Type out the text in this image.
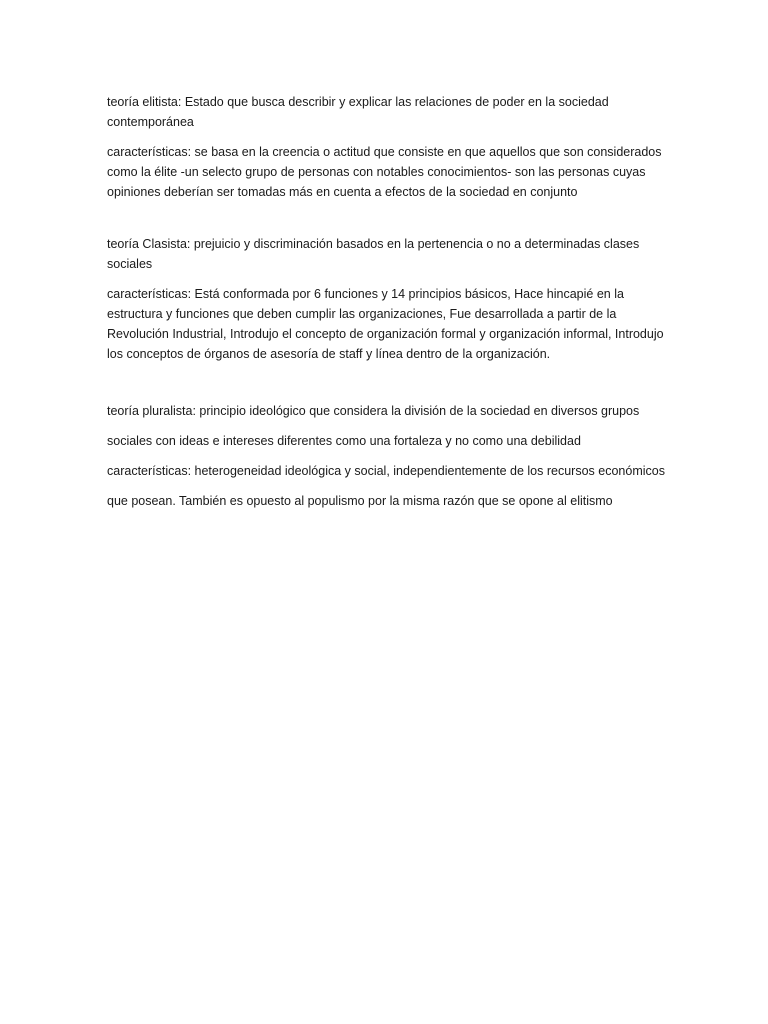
teoría elitista: Estado que busca describir y explicar las relaciones de poder en la sociedad contemporánea

características: se basa en la creencia o actitud que consiste en que aquellos que son considerados como la élite -un selecto grupo de personas con notables conocimientos- son las personas cuyas opiniones deberían ser tomadas más en cuenta a efectos de la sociedad en conjunto

teoría Clasista: prejuicio y discriminación basados en la pertenencia o no a determinadas clases sociales

características: Está conformada por 6 funciones y 14 principios básicos, Hace hincapié en la estructura y funciones que deben cumplir las organizaciones, Fue desarrollada a partir de la Revolución Industrial, Introdujo el concepto de organización formal y organización informal, Introdujo los conceptos de órganos de asesoría de staff y línea dentro de la organización.

teoría pluralista: principio ideológico que considera la división de la sociedad en diversos grupos sociales con ideas e intereses diferentes como una fortaleza y no como una debilidad

características: heterogeneidad ideológica y social, independientemente de los recursos económicos que posean. También es opuesto al populismo por la misma razón que se opone al elitismo
